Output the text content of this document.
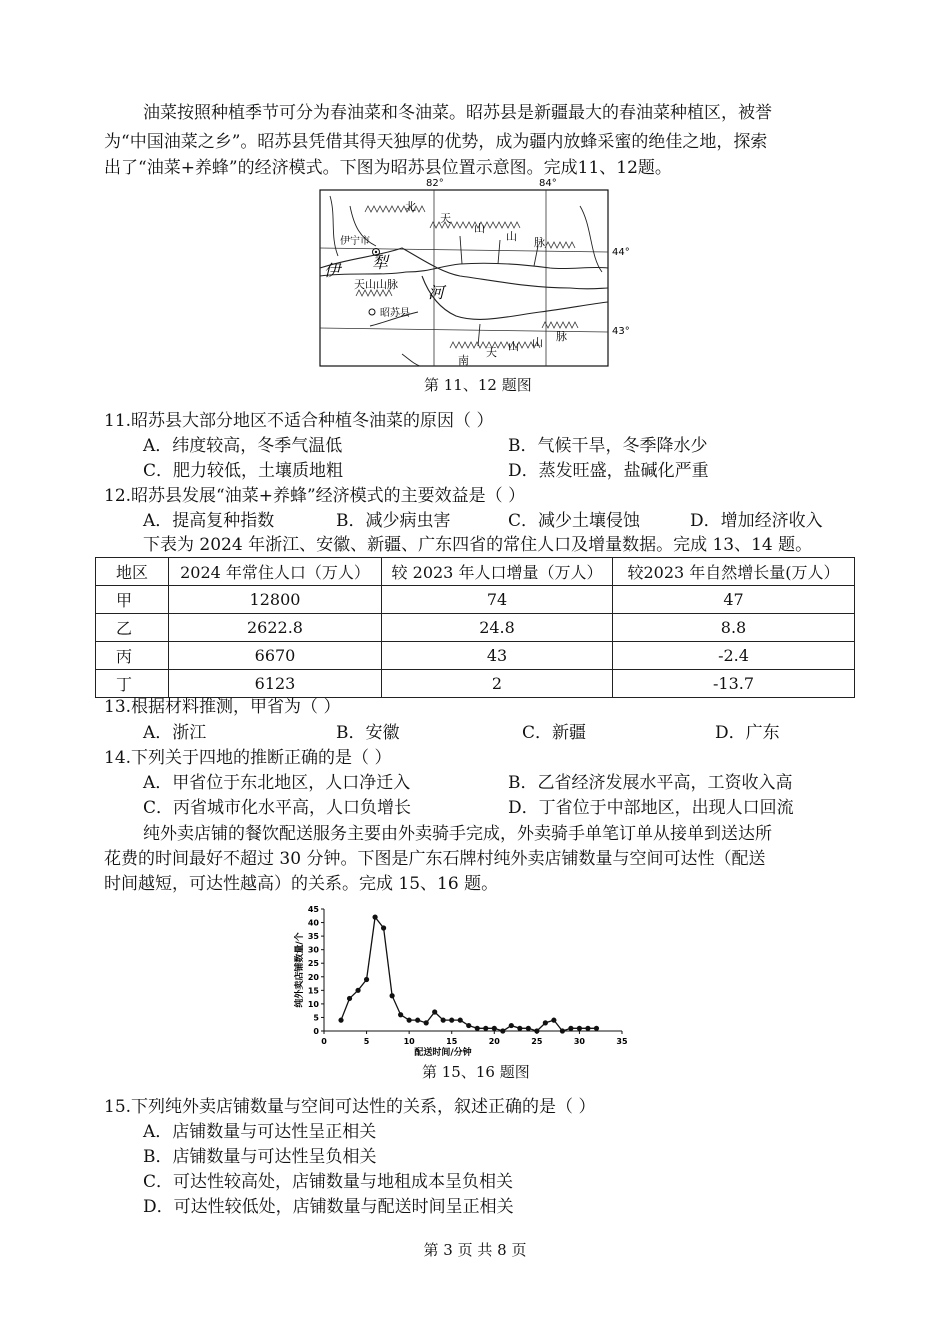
油菜按照种植季节可分为春油菜和冬油菜。昭苏县是新疆最大的春油菜种植区，被誉
为“中国油菜之乡”。昭苏县凭借其得天独厚的优势，成为疆内放蜂采蜜的绝佳之地，探索
出了“油菜+养蜂”的经济模式。下图为昭苏县位置示意图。完成11、12题。
82°	84°
44°
43°
北
天
山
山 脉
南
天 山 山 脉
伊宁市
伊 犁
河
天山山脉
昭苏县
第 11、12 题图
11.昭苏县大部分地区不适合种植冬油菜的原因（ ）
A．纬度较高，冬季气温低	B．气候干旱，冬季降水少
C．肥力较低，土壤质地粗	D．蒸发旺盛，盐碱化严重
12.昭苏县发展“油菜+养蜂”经济模式的主要效益是（ ）
A．提高复种指数	B．减少病虫害	C．减少土壤侵蚀	D．增加经济收入
下表为 2024 年浙江、安徽、新疆、广东四省的常住人口及增量数据。完成 13、14 题。
地区	2024 年常住人口（万人）	较 2023 年人口增量（万人）	较2023 年自然增长量(万人）
甲	12800	74	47
乙	2622.8	24.8	8.8
丙	6670	43	-2.4
丁	6123	2	-13.7
13.根据材料推测，甲省为（ ）
A．浙江	B．安徽	C．新疆	D．广东
14.下列关于四地的推断正确的是（ ）
A．甲省位于东北地区，人口净迁入	B．乙省经济发展水平高，工资收入高
C．丙省城市化水平高，人口负增长	D．丁省位于中部地区，出现人口回流
纯外卖店铺的餐饮配送服务主要由外卖骑手完成，外卖骑手单笔订单从接单到送达所
花费的时间最好不超过 30 分钟。下图是广东石牌村纯外卖店铺数量与空间可达性（配送
时间越短，可达性越高）的关系。完成 15、16 题。
0	5	10	15	20	25	30	35
0
5
10
15
20
25
30
35
40
45
配送时间/分钟
纯外卖店铺数量/个
第 15、16 题图
15.下列纯外卖店铺数量与空间可达性的关系，叙述正确的是（ ）
A．店铺数量与可达性呈正相关
B．店铺数量与可达性呈负相关
C．可达性较高处，店铺数量与地租成本呈负相关
D．可达性较低处，店铺数量与配送时间呈正相关
第 3 页 共 8 页
